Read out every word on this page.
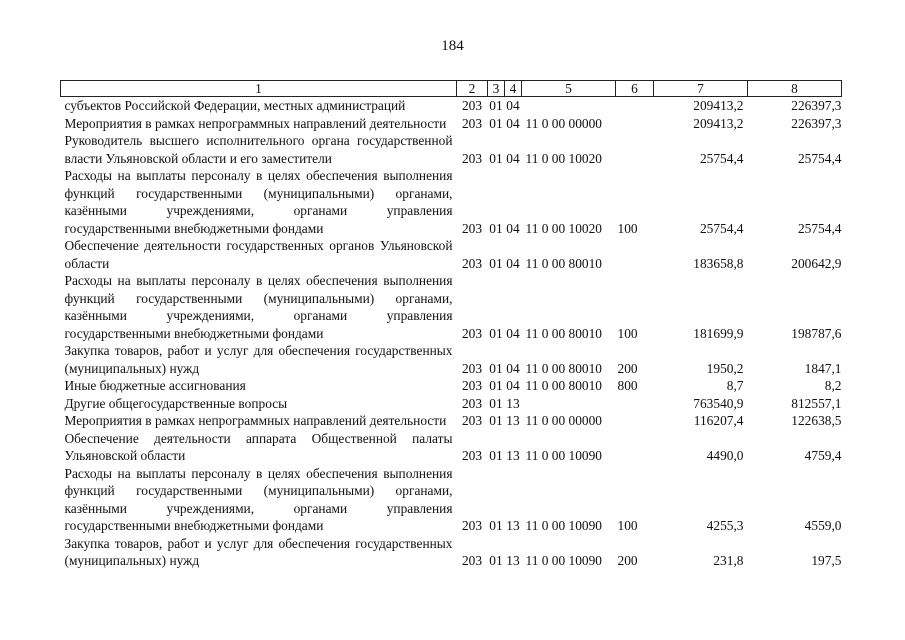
184
1	2	3	4	5	6	7	8
субъектов Российской Федерации, местных администраций	203	01	04			209413,2	226397,3
Мероприятия в рамках непрограммных направлений деятельности	203	01	04	11 0 00 00000		209413,2	226397,3
Руководитель высшего исполнительного органа государственной власти Ульяновской области и его заместители	203	01	04	11 0 00 10020		25754,4	25754,4
Расходы на выплаты персоналу в целях обеспечения выполнения функций государственными (муниципальными) органами, казёнными учреждениями, органами управления государственными внебюджетными фондами	203	01	04	11 0 00 10020	100	25754,4	25754,4
Обеспечение деятельности государственных органов Ульяновской области	203	01	04	11 0 00 80010		183658,8	200642,9
Расходы на выплаты персоналу в целях обеспечения выполнения функций государственными (муниципальными) органами, казёнными учреждениями, органами управления государственными внебюджетными фондами	203	01	04	11 0 00 80010	100	181699,9	198787,6
Закупка товаров, работ и услуг для обеспечения государственных (муниципальных) нужд	203	01	04	11 0 00 80010	200	1950,2	1847,1
Иные бюджетные ассигнования	203	01	04	11 0 00 80010	800	8,7	8,2
Другие общегосударственные вопросы	203	01	13			763540,9	812557,1
Мероприятия в рамках непрограммных направлений деятельности	203	01	13	11 0 00 00000		116207,4	122638,5
Обеспечение деятельности аппарата Общественной палаты Ульяновской области	203	01	13	11 0 00 10090		4490,0	4759,4
Расходы на выплаты персоналу в целях обеспечения выполнения функций государственными (муниципальными) органами, казёнными учреждениями, органами управления государственными внебюджетными фондами	203	01	13	11 0 00 10090	100	4255,3	4559,0
Закупка товаров, работ и услуг для обеспечения государственных (муниципальных) нужд	203	01	13	11 0 00 10090	200	231,8	197,5
